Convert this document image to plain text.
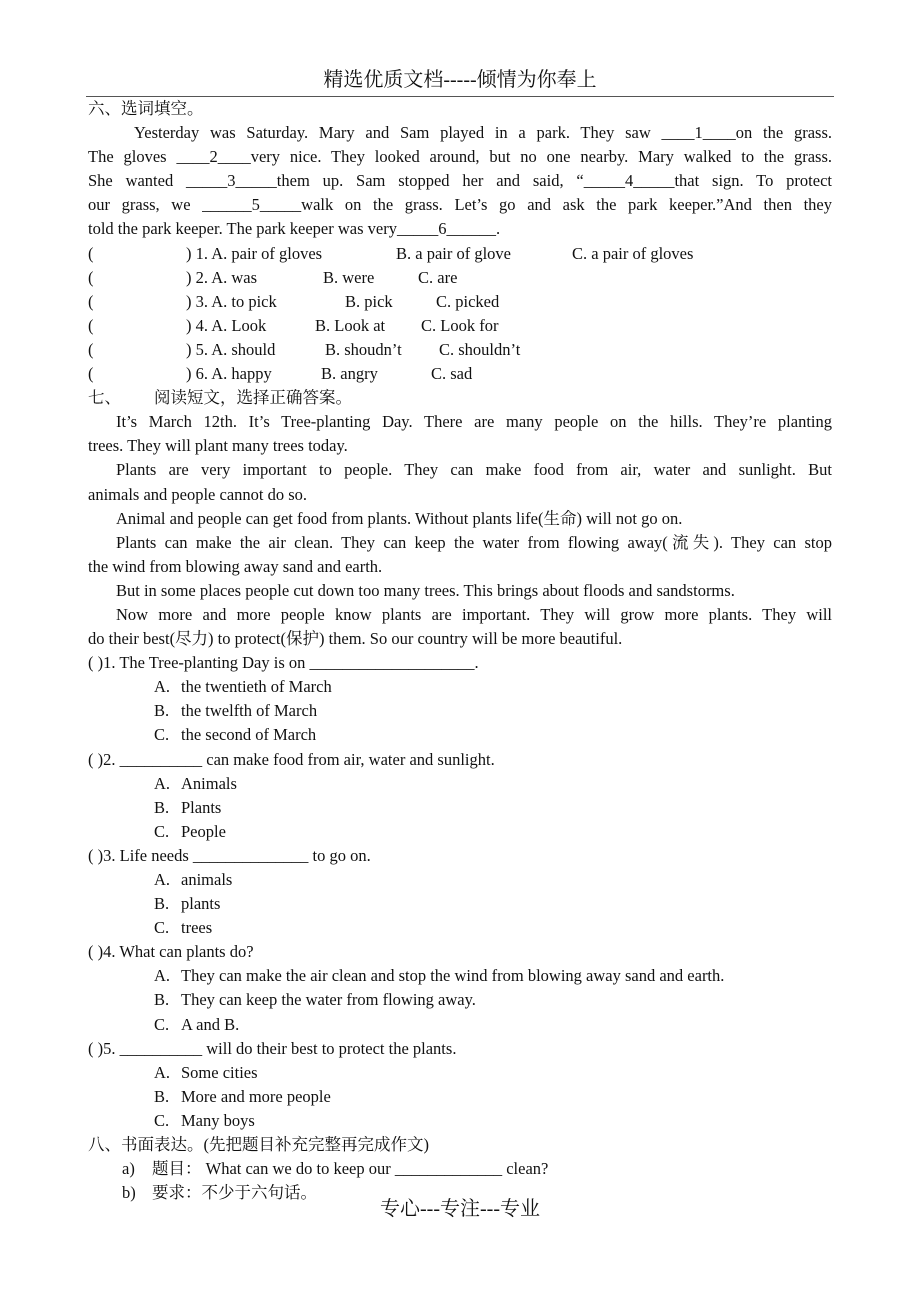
精选优质文档-----倾情为你奉上
六、选词填空。
Yesterday was Saturday. Mary and Sam played in a park. They saw ____1____on the grass.
The gloves ____2____very nice. They looked around, but no one nearby. Mary walked to the grass.
She wanted _____3_____them up. Sam stopped her and said, “_____4_____that sign. To protect
our grass, we ______5_____walk on the grass. Let’s go and ask the park keeper.”And then they
told the park keeper. The park keeper was very_____6______.
(	) 1. A. pair of gloves	B. a pair of glove	C. a pair of gloves
(	) 2. A. was	B. were	C. are
(	) 3. A. to pick	B. pick	C. picked
(	) 4. A. Look	B. Look at C. Look for
(	) 5. A. should	B. shoudn’t C. shouldn’t
(	) 6. A. happy	B. angry	C. sad
七、 阅读短文，选择正确答案。
It’s March 12th. It’s Tree-planting Day. There are many people on the hills. They’re planting
trees. They will plant many trees today.
Plants are very important to people. They can make food from air, water and sunlight. But
animals and people cannot do so.
Animal and people can get food from plants. Without plants life(生命) will not go on.
Plants can make the air clean. They can keep the water from flowing away(流失). They can stop
the wind from blowing away sand and earth.
But in some places people cut down too many trees. This brings about floods and sandstorms.
Now more and more people know plants are important. They will grow more plants. They will
do their best(尽力) to protect(保护) them. So our country will be more beautiful.
( )1. The Tree-planting Day is on ____________________.
A. the twentieth of March
B. the twelfth of March
C. the second of March
( )2. __________ can make food from air, water and sunlight.
A. Animals
B. Plants
C. People
( )3. Life needs ______________ to go on.
A. animals
B. plants
C. trees
( )4. What can plants do?
A. They can make the air clean and stop the wind from blowing away sand and earth.
B. They can keep the water from flowing away.
C. A and B.
( )5. __________ will do their best to protect the plants.
A. Some cities
B. More and more people
C. Many boys
八、书面表达。(先把题目补充完整再完成作文)
a) 题目： What can we do to keep our _____________ clean?
b) 要求：不少于六句话。
专心---专注---专业
